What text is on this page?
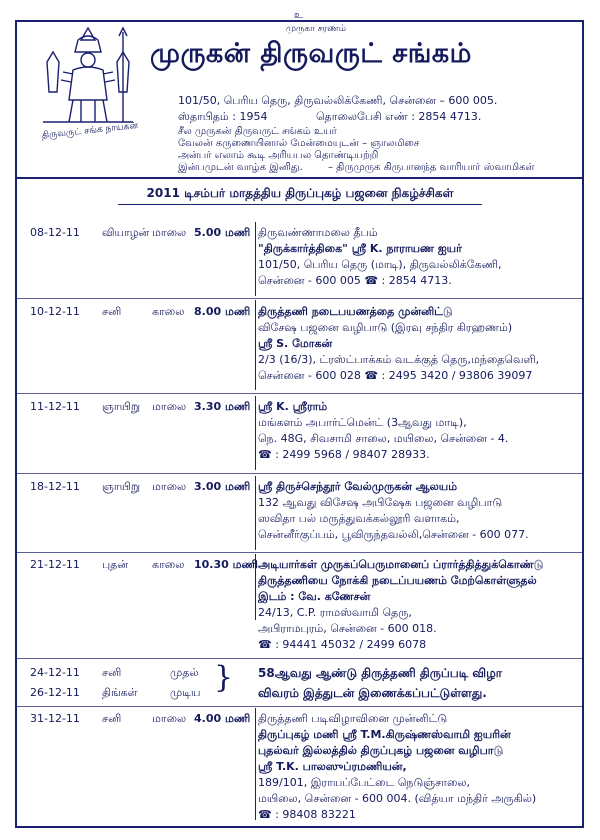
திருவருட் சங்க நாயகன்
உ
முருகா சரணம்
முருகன் திருவருட் சங்கம்
101/50, பெரிய தெரு, திருவல்லிக்கேணி, சென்னை – 600 005.
ஸ்தாபிதம் : 1954	தொலைபேசி எண் : 2854 4713.
சீல முருகன் திருவருட் சங்கம் உயர்
வேலன் கருணையினால் மேன்மையுடன் – ஞாலமிசை
அன்பர் எலாம் கூடி அரியபல தொண்டியற்றி
இன்பமுடன் வாழ்க இனிது.	– திருமுருக கிருபானந்த வாரியார் ஸ்வாமிகள்
2011 டிசம்பர் மாதத்திய திருப்புகழ் பஜனை நிகழ்ச்சிகள்
08-12-11 வியாழன் மாலை 5.00 மணி திருவண்ணாமலை தீபம்
"திருக்கார்த்திகை" ஸ்ரீ K. நாராயண ஐயர்
101/50, பெரிய தெரு (மாடி), திருவல்லிக்கேணி,
சென்னை - 600 005 ☎ : 2854 4713.
10-12-11 சனி	காலை 8.00 மணி திருத்தணி நடைபயணத்தை முன்னிட்டு
விசேஷ பஜனை வழிபாடு (இரவு சந்திர கிரஹணம்)
ஸ்ரீ S. மோகன்
2/3 (16/3), ட்ரஸ்ட்பாக்கம் வடக்குத் தெரு,மந்தைவெளி,
சென்னை - 600 028 ☎ : 2495 3420 / 93806 39097
11-12-11 ஞாயிறு மாலை 3.30 மணி ஸ்ரீ K. ஸ்ரீராம்
மங்களம் அபார்ட்மென்ட் (3ஆவது மாடி),
நெ. 48G, சிவசாமி சாலை, மயிலை, சென்னை - 4.
☎ : 2499 5968 / 98407 28933.
18-12-11 ஞாயிறு மாலை 3.00 மணி ஸ்ரீ திருச்செந்தூர் வேல்முருகன் ஆலயம்
132 ஆவது விசேஷ அபிஷேக பஜனை வழிபாடு
ஸவிதா பல் மருத்துவக்கல்லூரி வளாகம்,
சென்னீர்குப்பம், பூவிருந்தவல்லி,சென்னை - 600 077.
21-12-11 புதன் காலை 10.30 மணி அடியார்கள் முருகப்பெருமானைப் ப்ரார்த்தித்துக்கொண்டு
திருத்தணியை நோக்கி நடைப்பயணம் மேற்கொள்ளுதல்
இடம் : வே. கணேசன்
24/13, C.P. ராமஸ்வாமி தெரு,
அபிராமபுரம், சென்னை - 600 018.
☎ : 94441 45032 / 2499 6078
24-12-11 சனி	முதல்
26-12-11 திங்கள்	முடிய } 58ஆவது ஆண்டு திருத்தணி திருப்படி விழா
விவரம் இத்துடன் இணைக்கப்பட்டுள்ளது.
31-12-11 சனி	மாலை 4.00 மணி திருத்தணி படிவிழாவினை முன்னிட்டு
திருப்புகழ் மணி ஸ்ரீ T.M.கிருஷ்ணஸ்வாமி ஐயரின்
புதல்வர் இல்லத்தில் திருப்புகழ் பஜனை வழிபாடு
ஸ்ரீ T.K. பாலஸுப்ரமணியன்,
189/101, இராயப்பேட்டை நெடுஞ்சாலை,
மயிலை, சென்னை - 600 004. (வித்யா மந்திர் அருகில்)
☎ : 98408 83221
